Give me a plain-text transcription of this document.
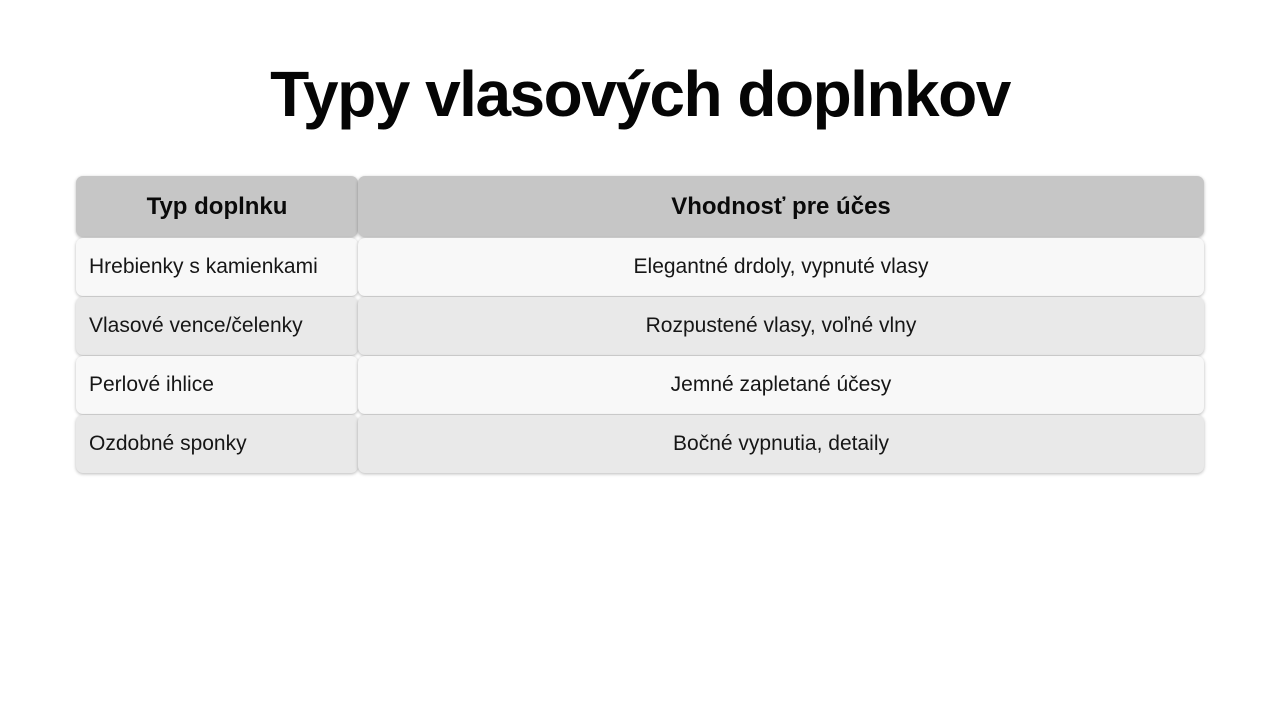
Typy vlasových doplnkov
Typ doplnku	Vhodnosť pre účes
Hrebienky s kamienkami	Elegantné drdoly, vypnuté vlasy
Vlasové vence/čelenky	Rozpustené vlasy, voľné vlny
Perlové ihlice	Jemné zapletané účesy
Ozdobné sponky	Bočné vypnutia, detaily
